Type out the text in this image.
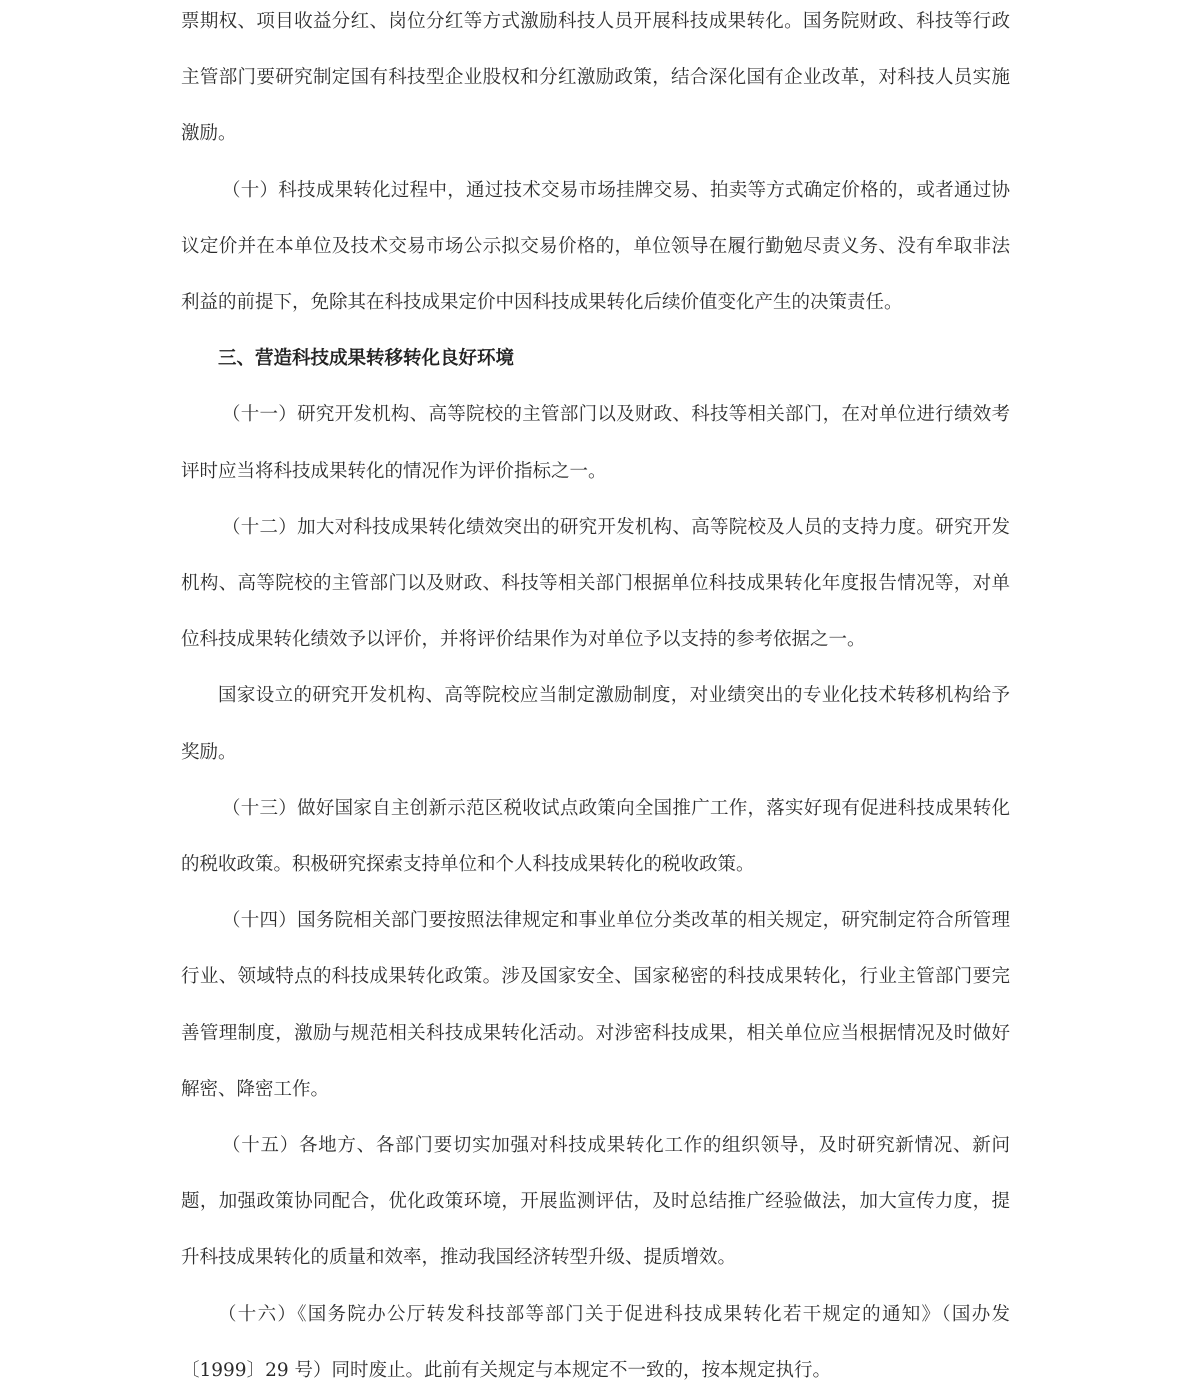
票期权、项目收益分红、岗位分红等方式激励科技人员开展科技成果转化。国务院财政、科技等行政主管部门要研究制定国有科技型企业股权和分红激励政策，结合深化国有企业改革，对科技人员实施激励。

（十）科技成果转化过程中，通过技术交易市场挂牌交易、拍卖等方式确定价格的，或者通过协议定价并在本单位及技术交易市场公示拟交易价格的，单位领导在履行勤勉尽责义务、没有牟取非法利益的前提下，免除其在科技成果定价中因科技成果转化后续价值变化产生的决策责任。

三、营造科技成果转移转化良好环境

（十一）研究开发机构、高等院校的主管部门以及财政、科技等相关部门，在对单位进行绩效考评时应当将科技成果转化的情况作为评价指标之一。

（十二）加大对科技成果转化绩效突出的研究开发机构、高等院校及人员的支持力度。研究开发机构、高等院校的主管部门以及财政、科技等相关部门根据单位科技成果转化年度报告情况等，对单位科技成果转化绩效予以评价，并将评价结果作为对单位予以支持的参考依据之一。

国家设立的研究开发机构、高等院校应当制定激励制度，对业绩突出的专业化技术转移机构给予奖励。

（十三）做好国家自主创新示范区税收试点政策向全国推广工作，落实好现有促进科技成果转化的税收政策。积极研究探索支持单位和个人科技成果转化的税收政策。

（十四）国务院相关部门要按照法律规定和事业单位分类改革的相关规定，研究制定符合所管理行业、领域特点的科技成果转化政策。涉及国家安全、国家秘密的科技成果转化，行业主管部门要完善管理制度，激励与规范相关科技成果转化活动。对涉密科技成果，相关单位应当根据情况及时做好解密、降密工作。

（十五）各地方、各部门要切实加强对科技成果转化工作的组织领导，及时研究新情况、新问题，加强政策协同配合，优化政策环境，开展监测评估，及时总结推广经验做法，加大宣传力度，提升科技成果转化的质量和效率，推动我国经济转型升级、提质增效。

（十六）《国务院办公厅转发科技部等部门关于促进科技成果转化若干规定的通知》（国办发〔1999〕29 号）同时废止。此前有关规定与本规定不一致的，按本规定执行。
